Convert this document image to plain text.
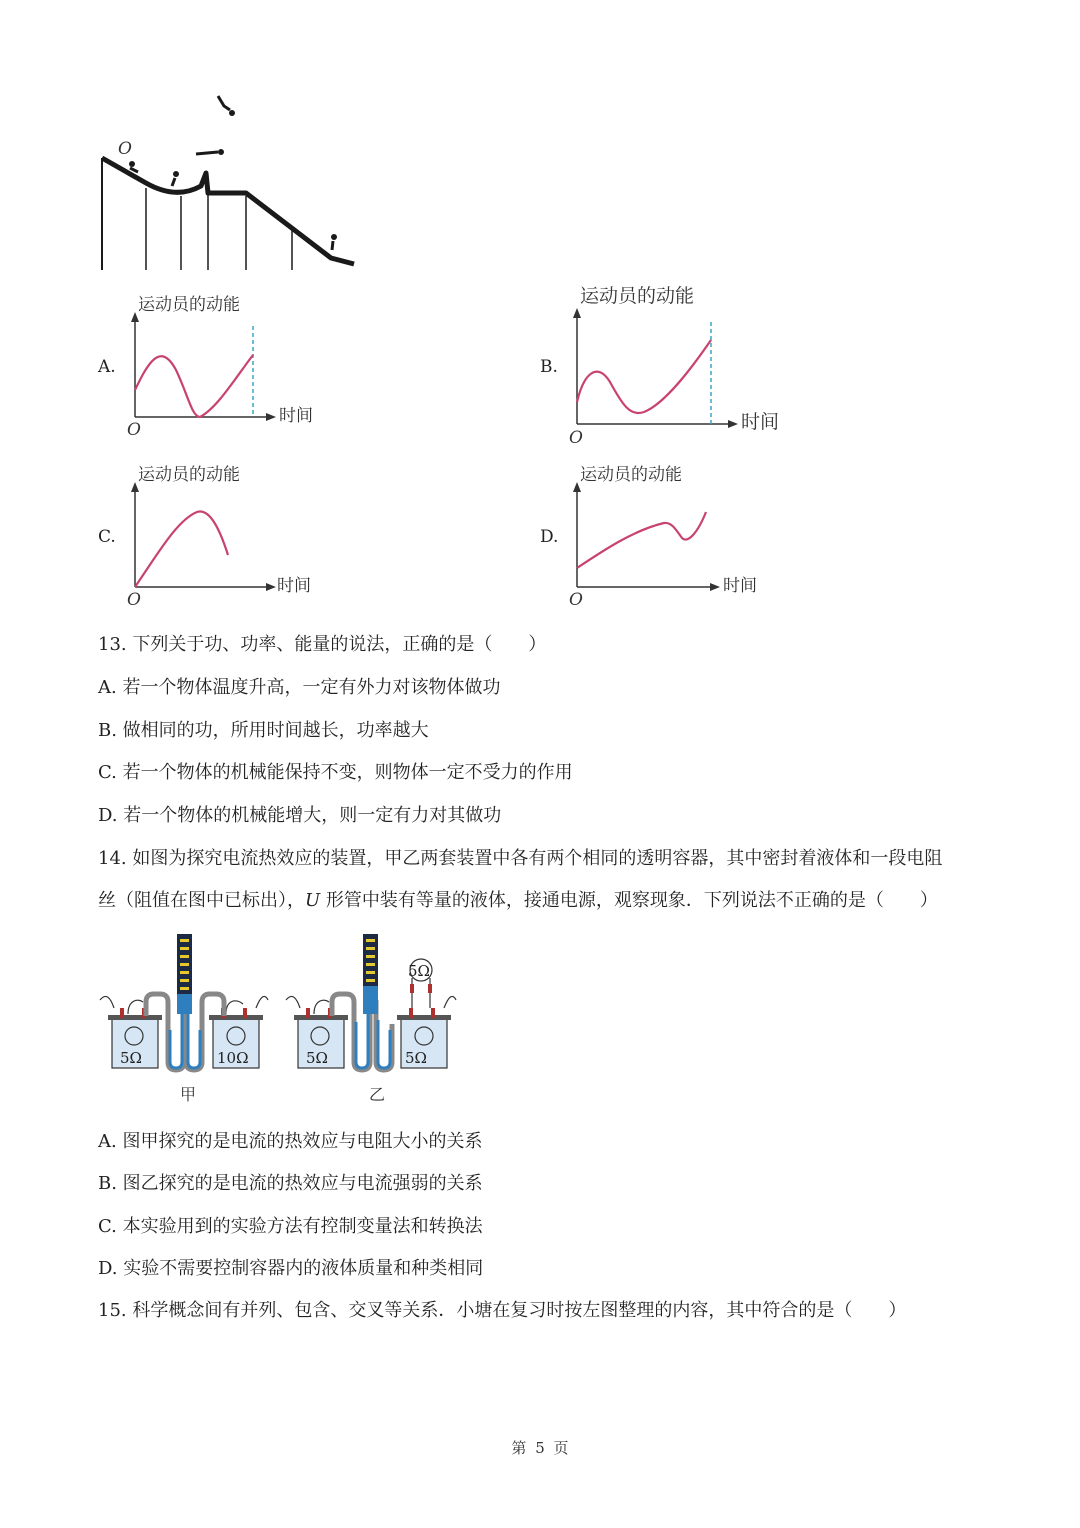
O
A.
运动员的动能
时间
O
B.
运动员的动能
时间
O
C.
运动员的动能
时间
O
D.
运动员的动能
时间
O
13. 下列关于功、功率、能量的说法，正确的是（　　）
A. 若一个物体温度升高，一定有外力对该物体做功
B. 做相同的功，所用时间越长，功率越大
C. 若一个物体的机械能保持不变，则物体一定不受力的作用
D. 若一个物体的机械能增大，则一定有力对其做功
14. 如图为探究电流热效应的装置，甲乙两套装置中各有两个相同的透明容器，其中密封着液体和一段电阻
丝（阻值在图中已标出），U 形管中装有等量的液体，接通电源，观察现象．下列说法不正确的是（　　）
5Ω	10Ω
甲
5Ω	5Ω
5Ω
乙
A. 图甲探究的是电流的热效应与电阻大小的关系
B. 图乙探究的是电流的热效应与电流强弱的关系
C. 本实验用到的实验方法有控制变量法和转换法
D. 实验不需要控制容器内的液体质量和种类相同
15. 科学概念间有并列、包含、交叉等关系．小塘在复习时按左图整理的内容，其中符合的是（　　）
第 5 页
